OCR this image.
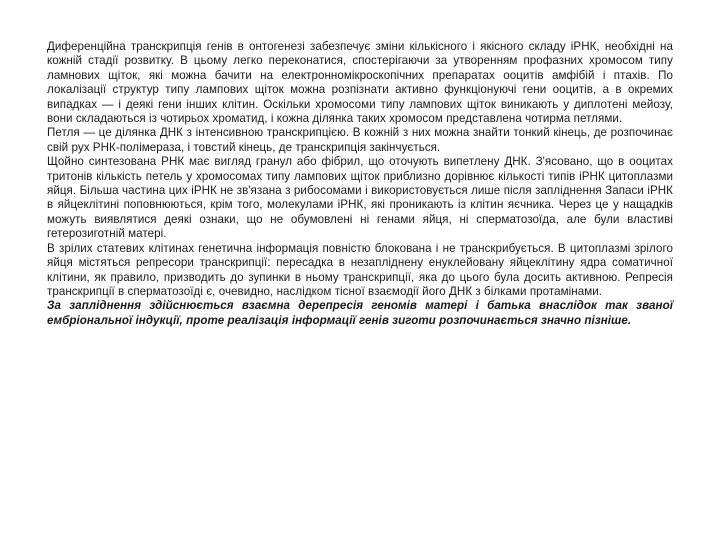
Диференційна транскрипція генів в онтогенезі забезпечує зміни кількісного і якісного складу іРНК, необхідні на кожній стадії розвитку. В цьому легко переконатися, спостерігаючи за утворенням профазних хромосом типу ламнових щіток, які можна бачити на електронномікроскопічних препаратах ооцитів амфібій і птахів. По локалізації структур типу лампових щіток можна розпізнати активно функціонуючі гени ооцитів, а в окремих випадках — і деякі гени інших клітин. Оскільки хромосоми типу лампових щіток виникають у диплотені мейозу, вони складаються із чотирьох хроматид, і кожна ділянка таких хромосом представлена чотирма петлями.

Петля — це ділянка ДНК з інтенсивною транскрипцією. В кожній з них можна знайти тонкий кінець, де розпочинає свій рух РНК-полімераза, і товстий кінець, де транскрипція закінчується.

Щойно синтезована РНК має вигляд гранул або фібрил, що оточують випетлену ДНК. З'ясовано, що в ооцитах тритонів кількість петель у хромосомах типу лампових щіток приблизно дорівнює кількості типів іРНК цитоплазми яйця. Більша частина цих іРНК не зв'язана з рибосомами і використовується лише після запліднення Запаси іРНК в яйцеклітині поповнюються, крім того, молекулами іРНК, які проникають із клітин яєчника. Через це у нащадків можуть виявлятися деякі ознаки, що не обумовлені ні генами яйця, ні сперматозоїда, але були властиві гетерозиготній матері.

В зрілих статевих клітинах генетична інформація повністю блокована і не транскрибується. В цитоплазмі зрілого яйця містяться репресори транскрипції: пересадка в незапліднену енуклейовану яйцеклітину ядра соматичної клітини, як правило, призводить до зупинки в ньому транскрипції, яка до цього була досить активною. Репресія транскрипції в сперматозоїді є, очевидно, наслідком тісної взаємодії його ДНК з білками протамінами.

За запліднення здійснюється взаємна дерепресія геномів матері і батька внаслідок так званої ембріональної індукції, проте реалізація інформації генів зиготи розпочинається значно пізніше.
